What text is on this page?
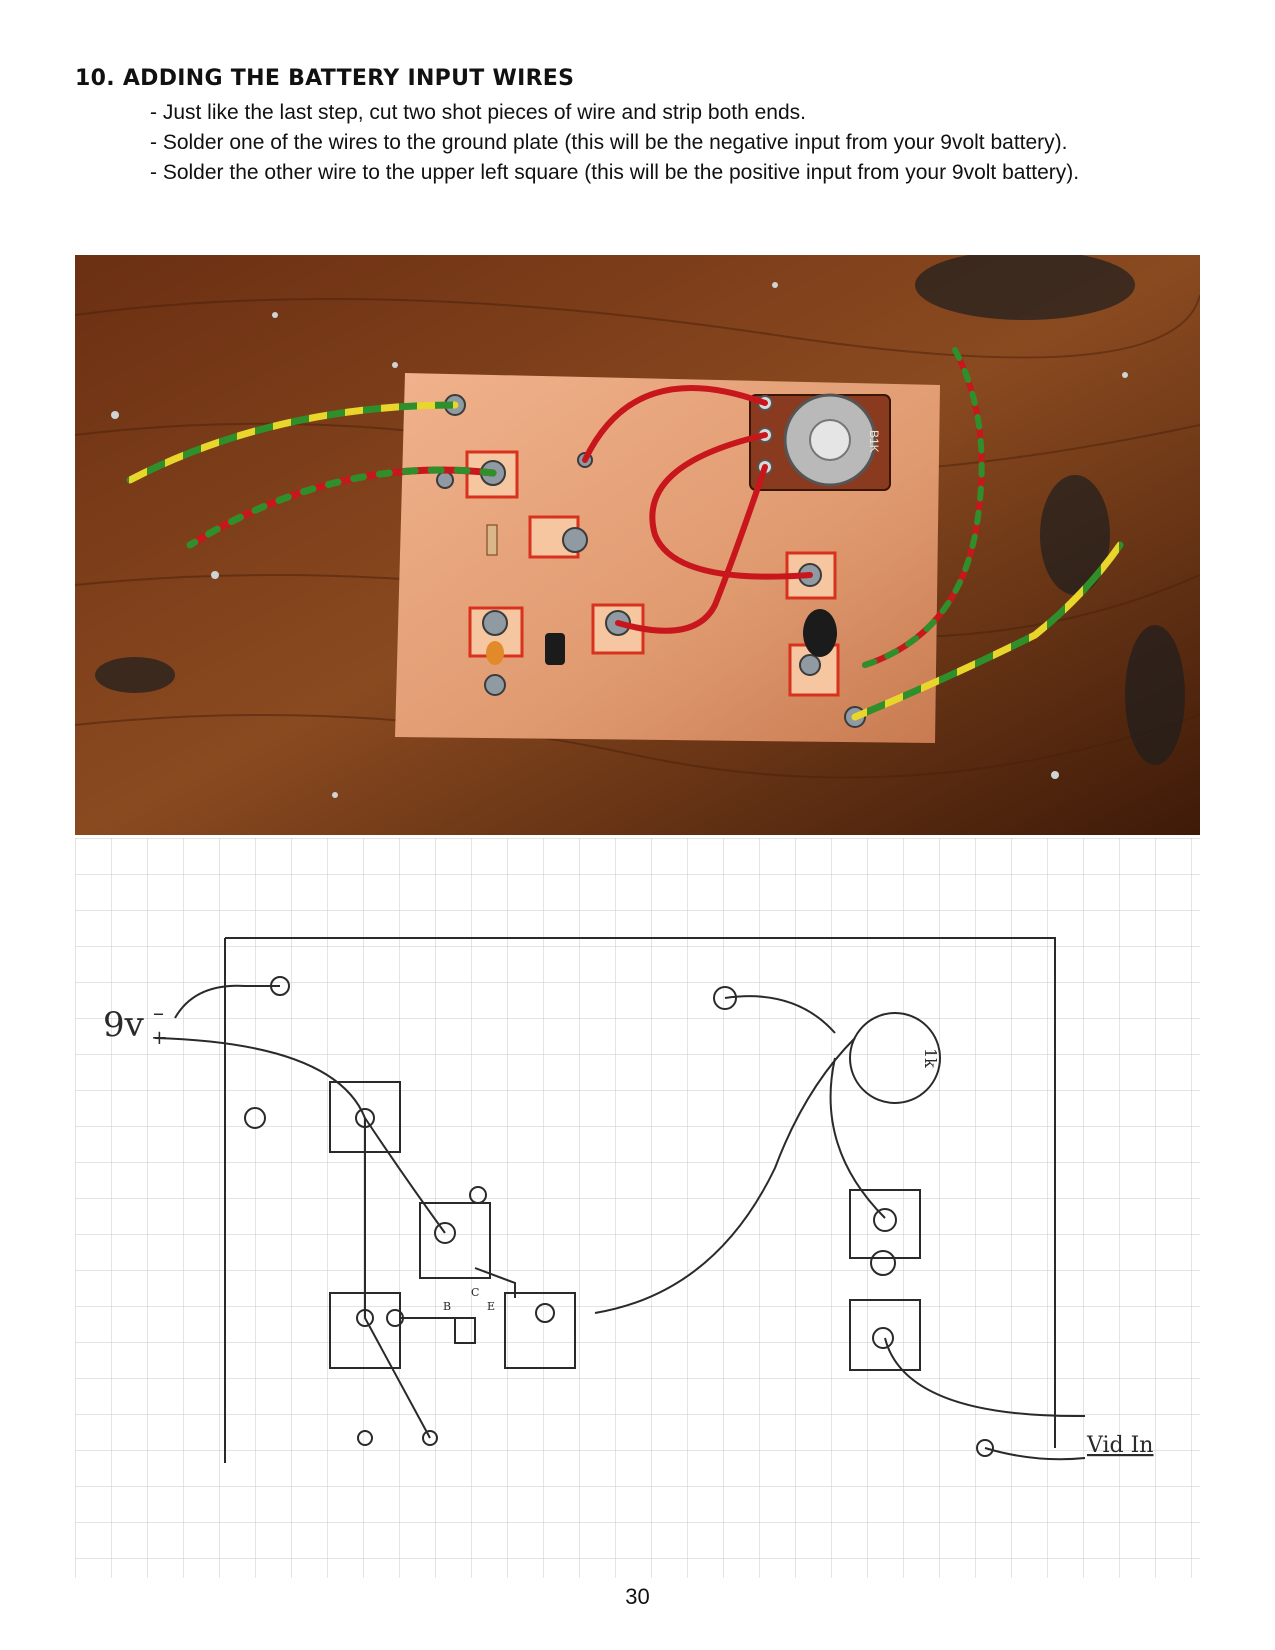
10. ADDING THE BATTERY INPUT WIRES

- Just like the last step, cut two shot pieces of wire and strip both ends.

- Solder one of the wires to the ground plate (this will be the negative input from your 9volt battery).

- Solder the other wire to the upper left square (this will be the positive input from your 9volt battery).

B1K
9v –
+
1k
B
C
E
Vid In
30
